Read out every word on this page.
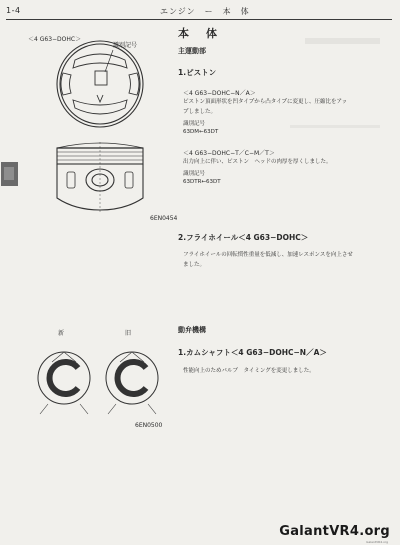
1-4	エンジン　ー　本　体
＜4 G63−DOHC＞
識別記号
6EN0454
新	旧
6EN0500
本　体
主運動部
1.ピストン
＜4 G63−DOHC−N／A＞
ピストン頂面形状を凹タイプから凸タイプに変更し、圧縮比をアッ
プしました。
識別記号
63DM←63DT
＜4 G63−DOHC−T／C−M／T＞
出力向上に伴い、ピストン　ヘッドの肉厚を厚くしました。
識別記号
63DTR←63DT
2.フライホイール＜4 G63−DOHC＞
フライホイールの回転慣性重量を低減し、加速レスポンスを向上させ
ました。
動弁機構
1.カムシャフト＜4 G63−DOHC−N／A＞
性能向上のためバルブ　タイミングを変更しました。
GalantVR4.org
GalantVR4.org
